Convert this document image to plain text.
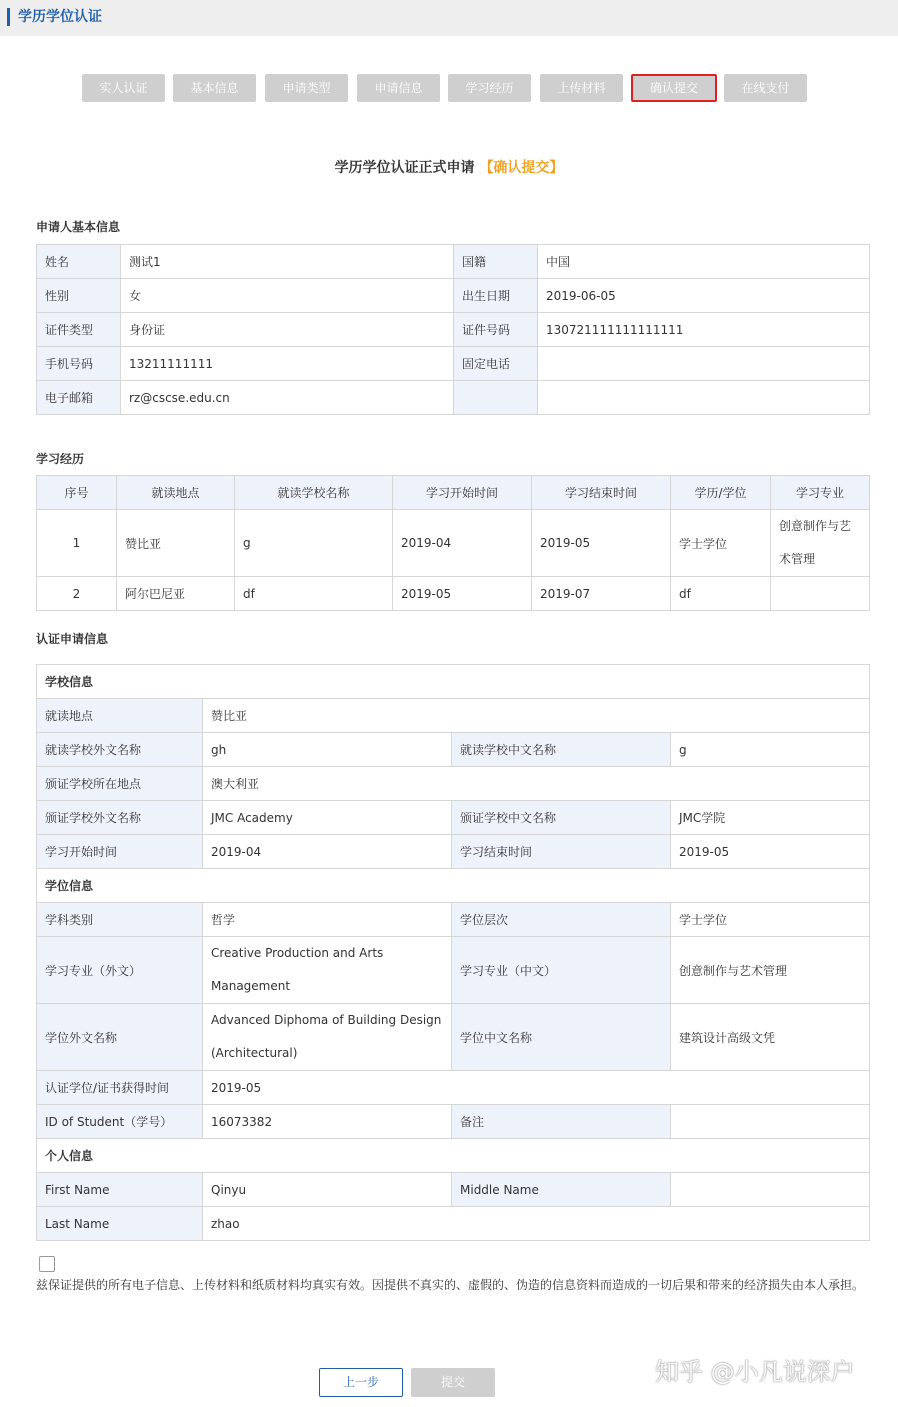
学历学位认证
实人认证	基本信息	申请类型	申请信息	学习经历	上传材料	确认提交	在线支付
学历学位认证正式申请 【确认提交】
申请人基本信息
姓名	测试1	国籍	中国
性别	女	出生日期	2019-06-05
证件类型	身份证	证件号码	130721111111111111
手机号码	13211111111	固定电话	
电子邮箱	rz@cscse.edu.cn		
学习经历
序号	就读地点	就读学校名称	学习开始时间	学习结束时间	学历/学位	学习专业
1	赞比亚	g	2019-04	2019-05	学士学位	创意制作与艺术管理
2	阿尔巴尼亚	df	2019-05	2019-07	df	
认证申请信息
学校信息			
就读地点	赞比亚		
就读学校外文名称	gh	就读学校中文名称	g
颁证学校所在地点	澳大利亚		
颁证学校外文名称	JMC Academy	颁证学校中文名称	JMC学院
学习开始时间	2019-04	学习结束时间	2019-05
学位信息			
学科类别	哲学	学位层次	学士学位
学习专业（外文）	Creative Production and Arts Management	学习专业（中文）	创意制作与艺术管理
学位外文名称	Advanced Diphoma of Building Design (Architectural)	学位中文名称	建筑设计高级文凭
认证学位/证书获得时间	2019-05		
ID of Student（学号）	16073382	备注	
个人信息			
First Name	Qinyu	Middle Name	
Last Name	zhao		
兹保证提供的所有电子信息、上传材料和纸质材料均真实有效。因提供不真实的、虚假的、伪造的信息资料而造成的一切后果和带来的经济损失由本人承担。
上一步	提交	知乎 @小凡说深户
